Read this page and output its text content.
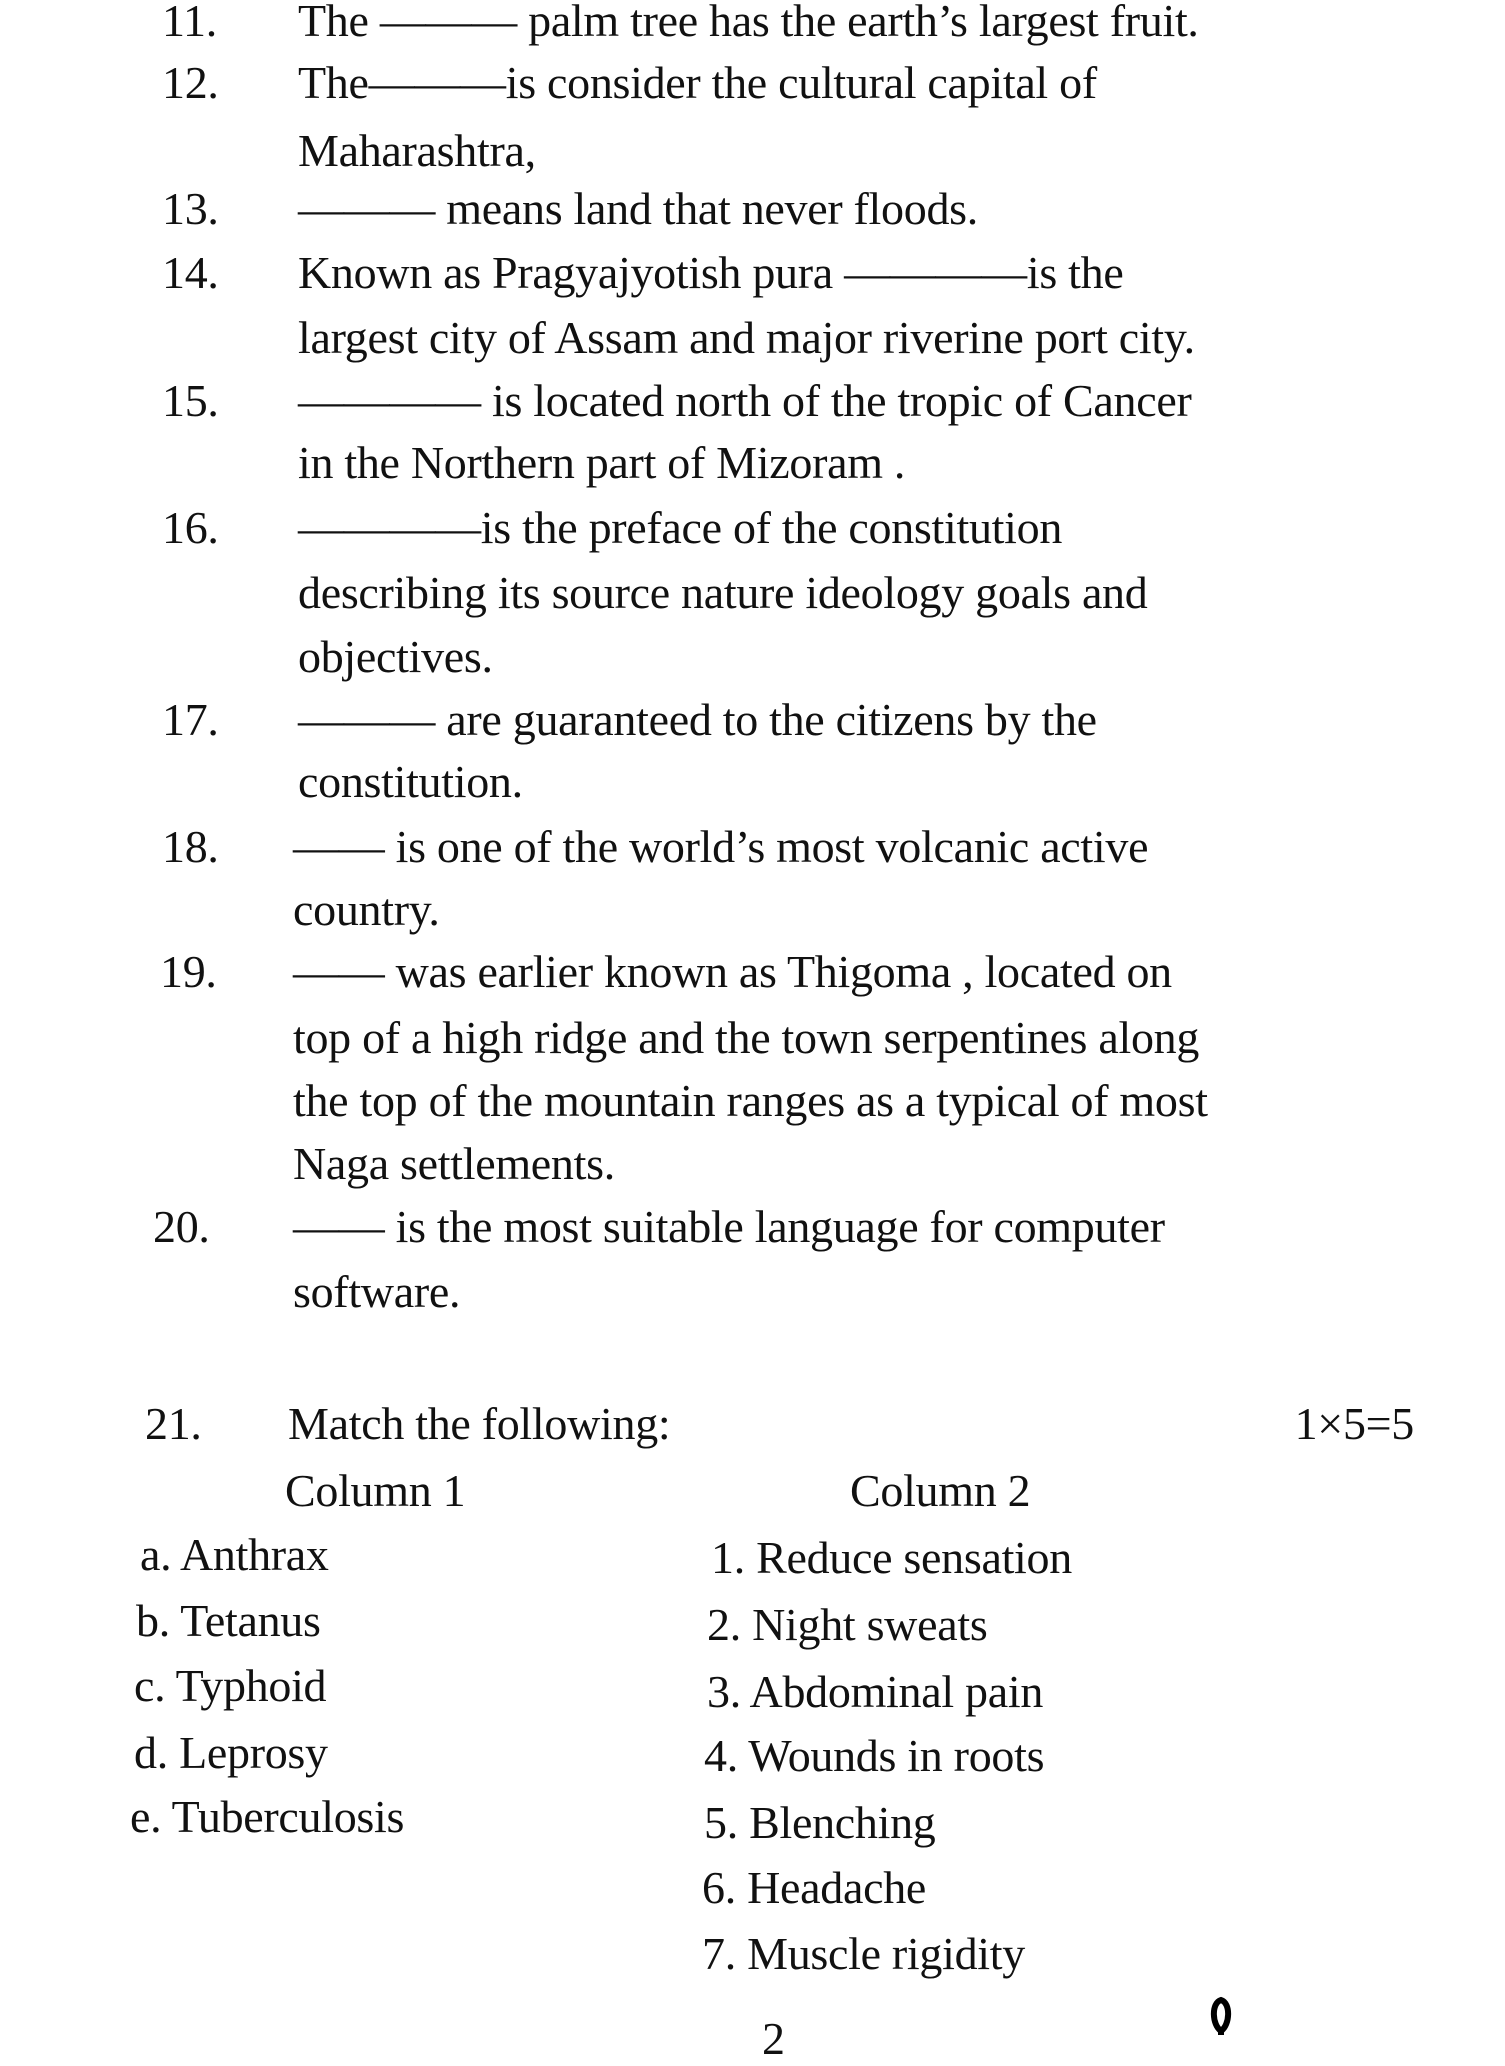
11. The ——— palm tree has the earth’s largest fruit.
12. The———is consider the cultural capital of
Maharashtra,
13. ——— means land that never floods.
14. Known as Pragyajyotish pura ————is the
largest city of Assam and major riverine port city.
15. ———— is located north of the tropic of Cancer
in the Northern part of Mizoram .
16. ————is the preface of the constitution
describing its source nature ideology goals and
objectives.
17. ——— are guaranteed to the citizens by the
constitution.
18. —— is one of the world’s most volcanic active
country.
19. —— was earlier known as Thigoma , located on
top of a high ridge and the town serpentines along
the top of the mountain ranges as a typical of most
Naga settlements.
20. —— is the most suitable language for computer
software.
21. Match the following:	1×5=5
Column 1	Column 2
a. Anthrax
b. Tetanus
c. Typhoid
d. Leprosy
e. Tuberculosis
1. Reduce sensation
2. Night sweats
3. Abdominal pain
4. Wounds in roots
5. Blenching
6. Headache
7. Muscle rigidity
2
